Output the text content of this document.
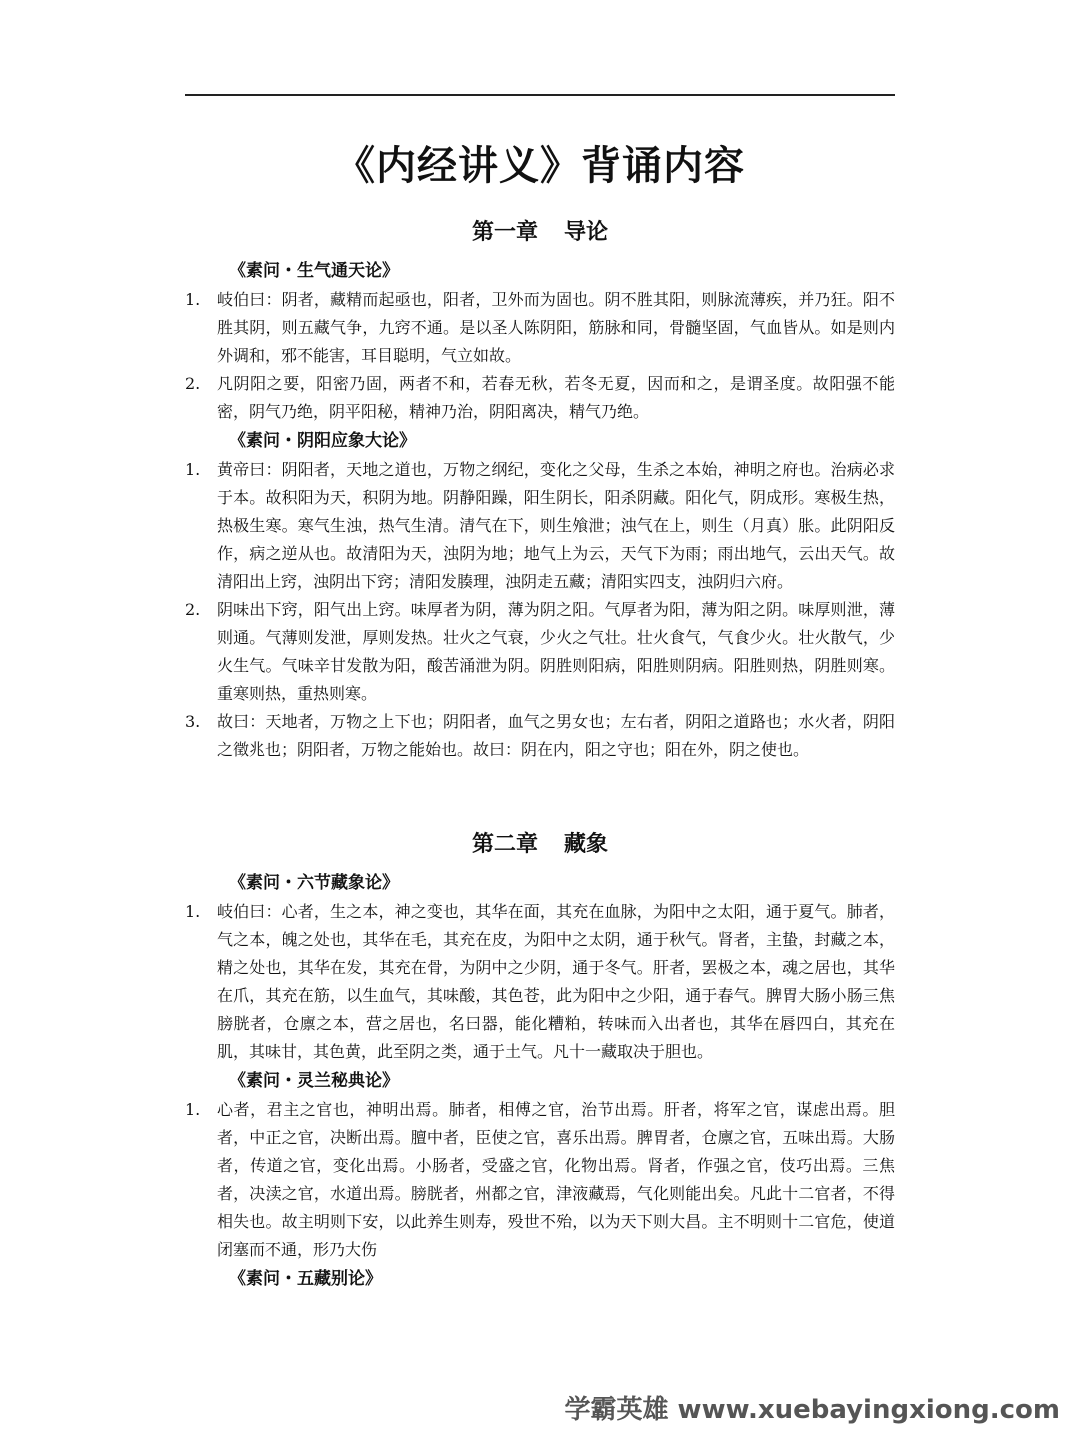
《内经讲义》背诵内容
第一章 导论
《素问・生气通天论》
1. 岐伯曰：阴者，藏精而起亟也，阳者，卫外而为固也。阴不胜其阳，则脉流薄疾，并乃狂。阳不胜其阴，则五藏气争，九窍不通。是以圣人陈阴阳，筋脉和同，骨髓坚固，气血皆从。如是则内外调和，邪不能害，耳目聪明，气立如故。
2. 凡阴阳之要，阳密乃固，两者不和，若春无秋，若冬无夏，因而和之，是谓圣度。故阳强不能密，阴气乃绝，阴平阳秘，精神乃治，阴阳离决，精气乃绝。
《素问・阴阳应象大论》
1. 黄帝曰：阴阳者，天地之道也，万物之纲纪，变化之父母，生杀之本始，神明之府也。治病必求于本。故积阳为天，积阴为地。阴静阳躁，阳生阴长，阳杀阴藏。阳化气，阴成形。寒极生热，热极生寒。寒气生浊，热气生清。清气在下，则生飧泄；浊气在上，则生（月真）胀。此阴阳反作，病之逆从也。故清阳为天，浊阴为地；地气上为云，天气下为雨；雨出地气，云出天气。故清阳出上窍，浊阴出下窍；清阳发腠理，浊阴走五藏；清阳实四支，浊阴归六府。
2. 阴味出下窍，阳气出上窍。味厚者为阴，薄为阴之阳。气厚者为阳，薄为阳之阴。味厚则泄，薄则通。气薄则发泄，厚则发热。壮火之气衰，少火之气壮。壮火食气，气食少火。壮火散气，少火生气。气味辛甘发散为阳，酸苦涌泄为阴。阴胜则阳病，阳胜则阴病。阳胜则热，阴胜则寒。重寒则热，重热则寒。
3. 故曰：天地者，万物之上下也；阴阳者，血气之男女也；左右者，阴阳之道路也；水火者，阴阳之徵兆也；阴阳者，万物之能始也。故曰：阴在内，阳之守也；阳在外，阴之使也。
第二章 藏象
《素问・六节藏象论》
1. 岐伯曰：心者，生之本，神之变也，其华在面，其充在血脉，为阳中之太阳，通于夏气。肺者，气之本，魄之处也，其华在毛，其充在皮，为阳中之太阴，通于秋气。肾者，主蛰，封藏之本，精之处也，其华在发，其充在骨，为阴中之少阴，通于冬气。肝者，罢极之本，魂之居也，其华在爪，其充在筋，以生血气，其味酸，其色苍，此为阳中之少阳，通于春气。脾胃大肠小肠三焦膀胱者，仓廪之本，营之居也，名曰器，能化糟粕，转味而入出者也，其华在唇四白，其充在肌，其味甘，其色黄，此至阴之类，通于土气。凡十一藏取决于胆也。
《素问・灵兰秘典论》
1. 心者，君主之官也，神明出焉。肺者，相傅之官，治节出焉。肝者，将军之官，谋虑出焉。胆者，中正之官，决断出焉。膻中者，臣使之官，喜乐出焉。脾胃者，仓廪之官，五味出焉。大肠者，传道之官，变化出焉。小肠者，受盛之官，化物出焉。肾者，作强之官，伎巧出焉。三焦者，决渎之官，水道出焉。膀胱者，州都之官，津液藏焉，气化则能出矣。凡此十二官者，不得相失也。故主明则下安，以此养生则寿，殁世不殆，以为天下则大昌。主不明则十二官危，使道闭塞而不通，形乃大伤
《素问・五藏别论》
学霸英雄 www.xuebayingxiong.com
